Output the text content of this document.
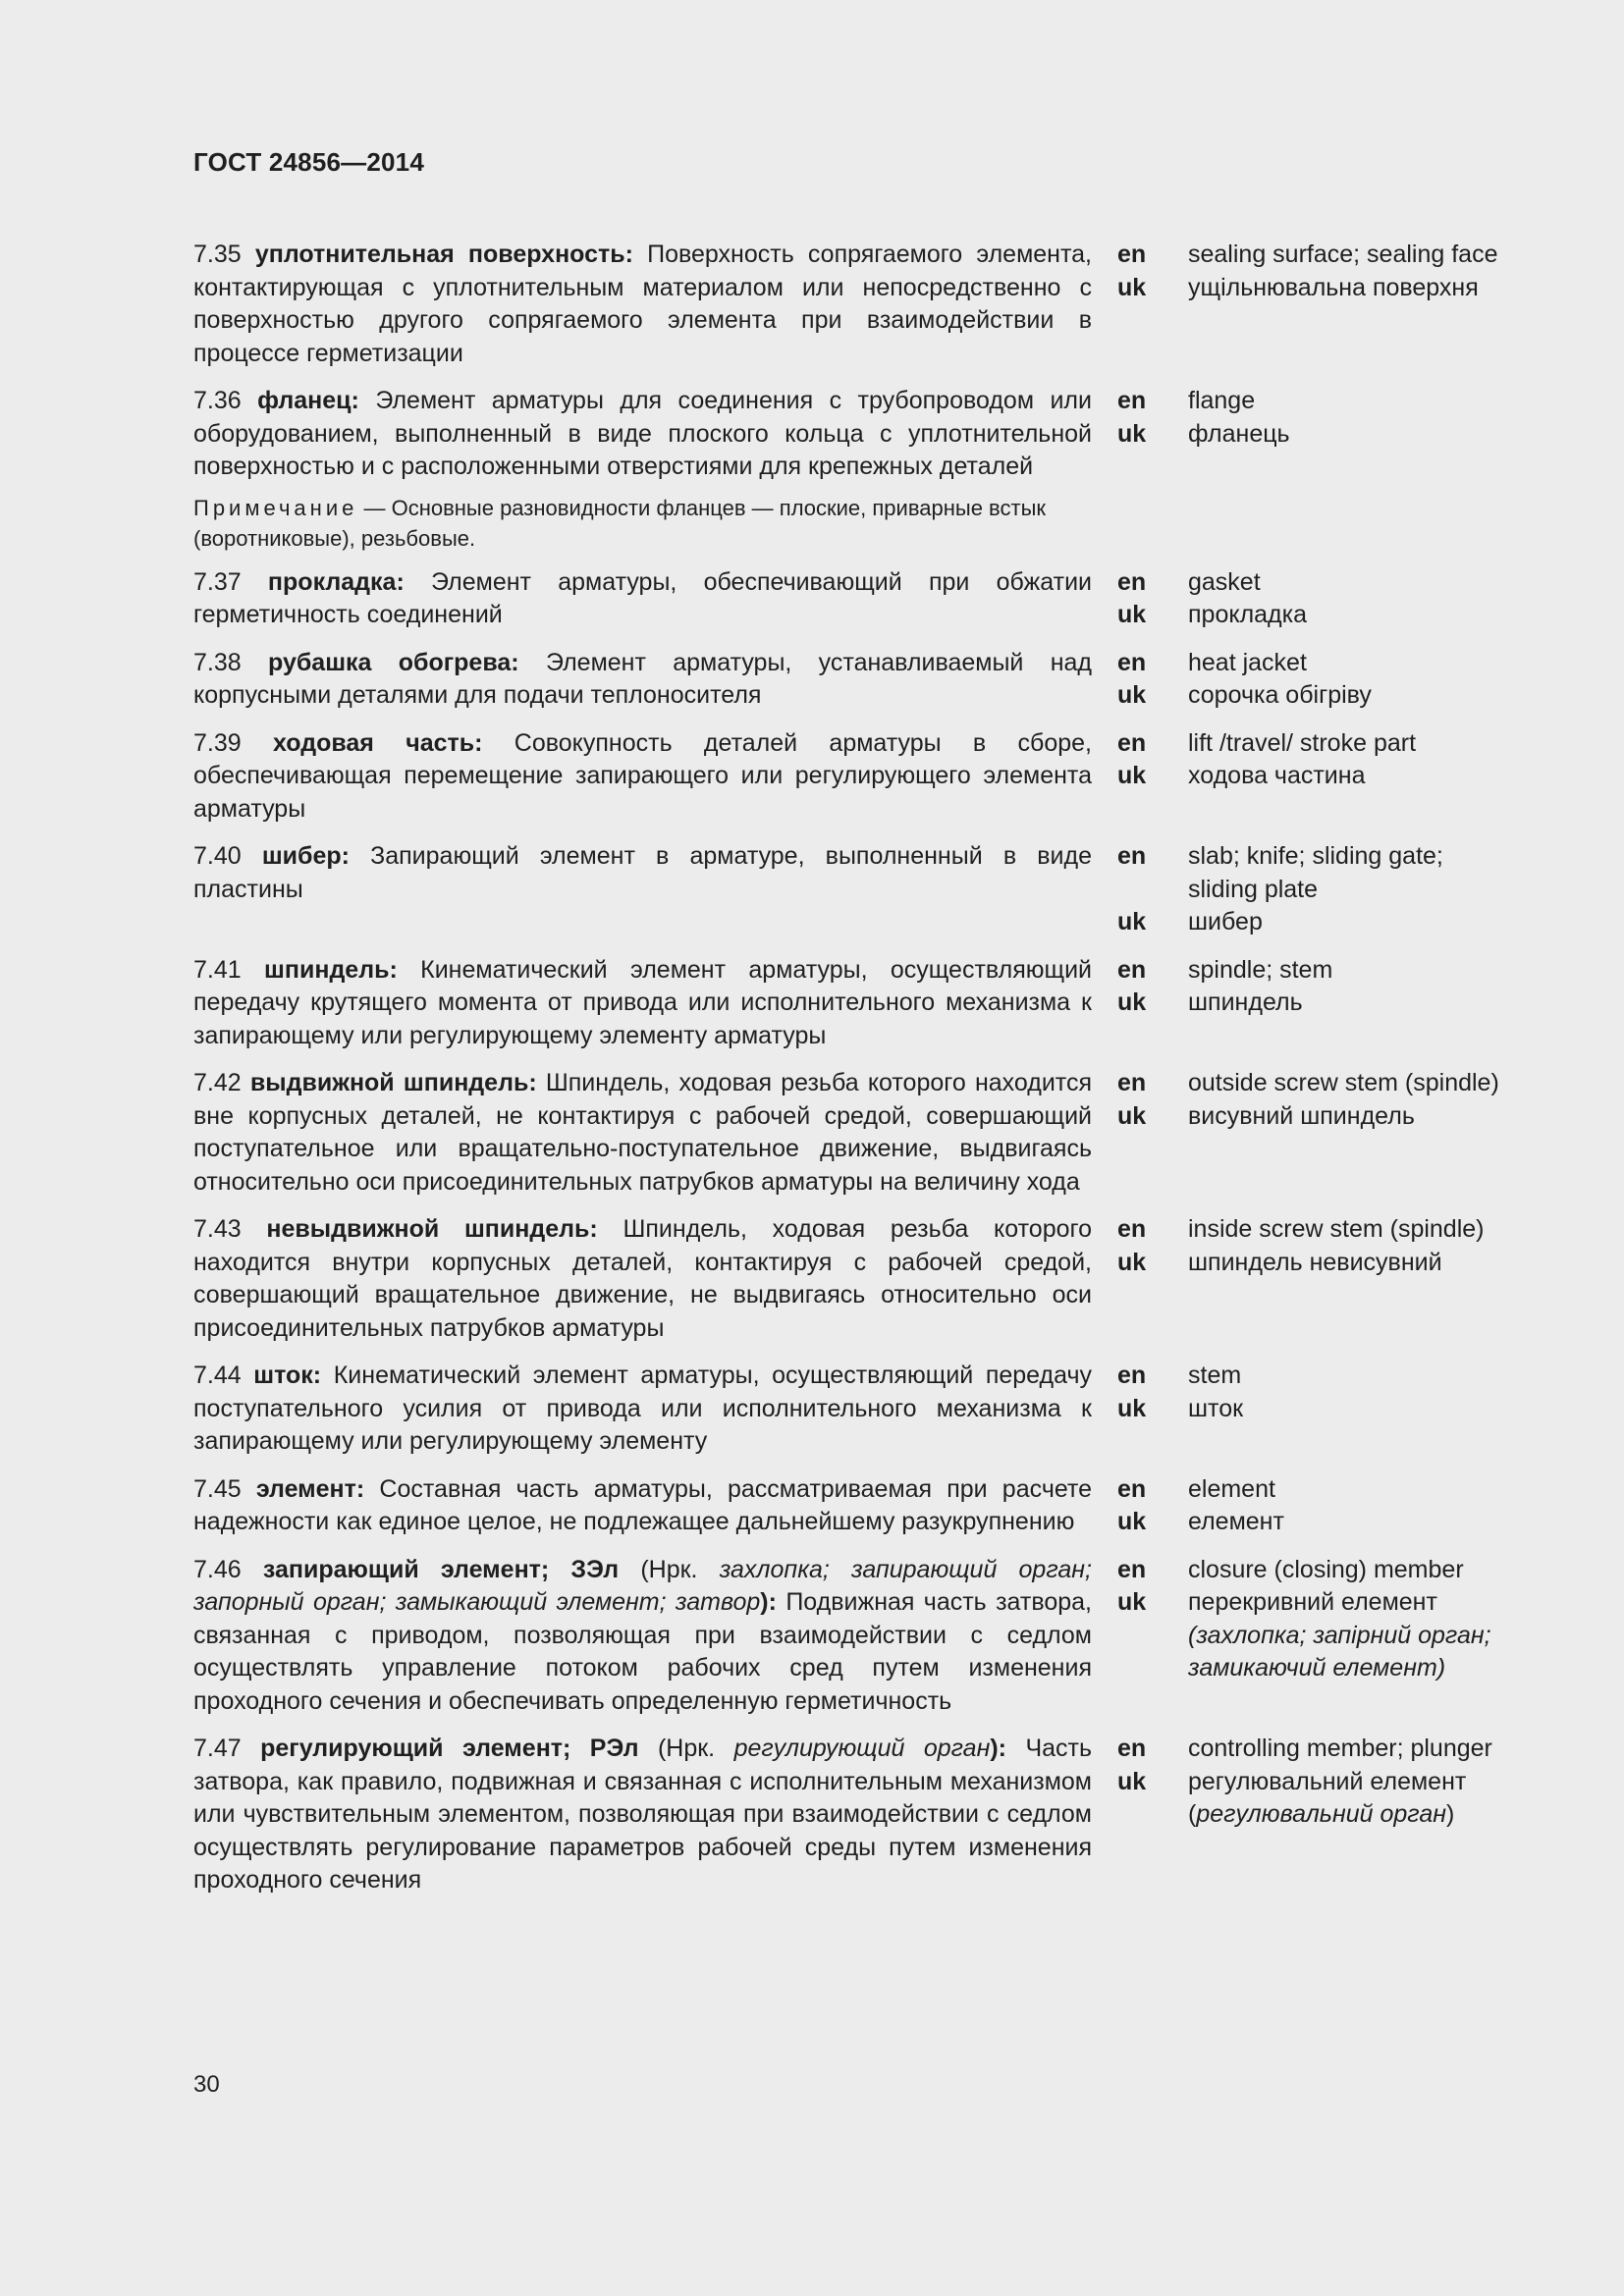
ГОСТ 24856—2014
7.35 уплотнительная поверхность: Поверхность сопрягаемого элемента, контактирующая с уплотнительным материалом или непосредственно с поверхностью другого сопрягаемого элемента при взаимодействии в процессе герметизации
en	sealing surface; sealing face
uk	ущільнювальна поверхня
7.36 фланец: Элемент арматуры для соединения с трубопроводом или оборудованием, выполненный в виде плоского кольца с уплотнительной поверхностью и с расположенными отверстиями для крепежных деталей
en	flange
uk	фланець
Примечание — Основные разновидности фланцев — плоские, приварные встык (воротниковые), резьбовые.
7.37 прокладка: Элемент арматуры, обеспечивающий при обжатии герметичность соединений
en	gasket
uk	прокладка
7.38 рубашка обогрева: Элемент арматуры, устанавливаемый над корпусными деталями для подачи теплоносителя
en	heat jacket
uk	сорочка обігріву
7.39 ходовая часть: Совокупность деталей арматуры в сборе, обеспечивающая перемещение запирающего или регулирующего элемента арматуры
en	lift /travel/ stroke part
uk	ходова частина
7.40 шибер: Запирающий элемент в арматуре, выполненный в виде пластины
en	slab; knife; sliding gate; sliding plate
uk	шибер
7.41 шпиндель: Кинематический элемент арматуры, осуществляющий передачу крутящего момента от привода или исполнительного механизма к запирающему или регулирующему элементу арматуры
en	spindle; stem
uk	шпиндель
7.42 выдвижной шпиндель: Шпиндель, ходовая резьба которого находится вне корпусных деталей, не контактируя с рабочей средой, совершающий поступательное или вращательно-поступательное движение, выдвигаясь относительно оси присоединительных патрубков арматуры на величину хода
en	outside screw stem (spindle)
uk	висувний шпиндель
7.43 невыдвижной шпиндель: Шпиндель, ходовая резьба которого находится внутри корпусных деталей, контактируя с рабочей средой, совершающий вращательное движение, не выдвигаясь относительно оси присоединительных патрубков арматуры
en	inside screw stem (spindle)
uk	шпиндель невисувний
7.44 шток: Кинематический элемент арматуры, осуществляющий передачу поступательного усилия от привода или исполнительного механизма к запирающему или регулирующему элементу
en	stem
uk	шток
7.45 элемент: Составная часть арматуры, рассматриваемая при расчете надежности как единое целое, не подлежащее дальнейшему разукрупнению
en	element
uk	елемент
7.46 запирающий элемент; ЗЭл (Нрк. захлопка; запирающий орган; запорный орган; замыкающий элемент; затвор): Подвижная часть затвора, связанная с приводом, позволяющая при взаимодействии с седлом осуществлять управление потоком рабочих сред путем изменения проходного сечения и обеспечивать определенную герметичность
en	closure (closing) member
uk	перекривний елемент
(захлопка; запірний орган; замикаючий елемент)
7.47 регулирующий элемент; РЭл (Нрк. регулирующий орган): Часть затвора, как правило, подвижная и связанная с исполнительным механизмом или чувствительным элементом, позволяющая при взаимодействии с седлом осуществлять регулирование параметров рабочей среды путем изменения проходного сечения
en	controlling member; plunger
uk	регулювальний елемент
(регулювальний орган)
30
